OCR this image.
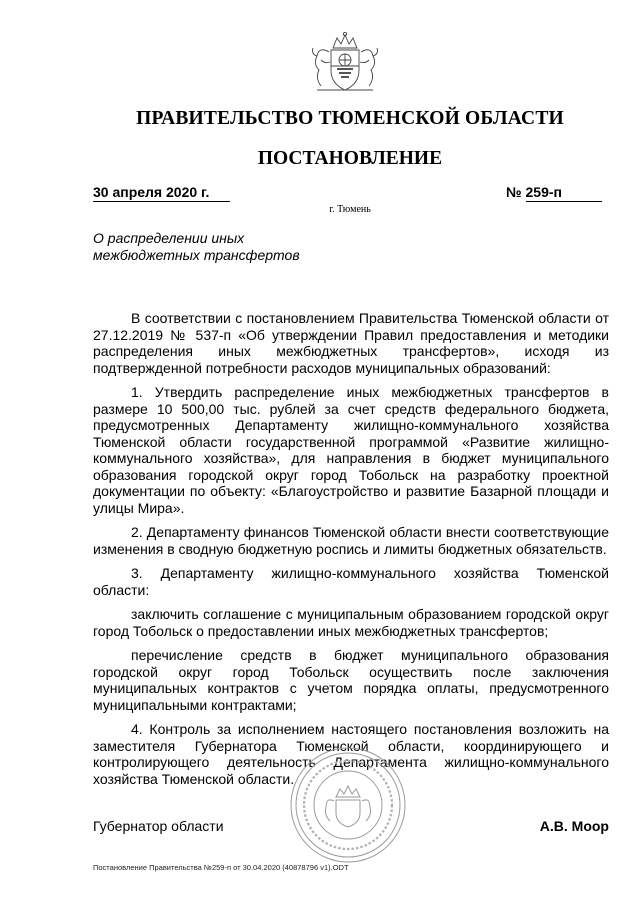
ПРАВИТЕЛЬСТВО ТЮМЕНСКОЙ ОБЛАСТИ
ПОСТАНОВЛЕНИЕ
30 апреля 2020 г.	№ 259-п
г. Тюмень
О распределении иных
межбюджетных трансфертов

В соответствии с постановлением Правительства Тюменской области от 27.12.2019 № 537-п «Об утверждении Правил предоставления и методики распределения иных межбюджетных трансфертов», исходя из подтвержденной потребности расходов муниципальных образований:

1. Утвердить распределение иных межбюджетных трансфертов в размере 10 500,00 тыс. рублей за счет средств федерального бюджета, предусмотренных Департаменту жилищно-коммунального хозяйства Тюменской области государственной программой «Развитие жилищно-коммунального хозяйства», для направления в бюджет муниципального образования городской округ город Тобольск на разработку проектной документации по объекту: «Благоустройство и развитие Базарной площади и улицы Мира».

2. Департаменту финансов Тюменской области внести соответствующие изменения в сводную бюджетную роспись и лимиты бюджетных обязательств.

3. Департаменту жилищно-коммунального хозяйства Тюменской области:

заключить соглашение с муниципальным образованием городской округ город Тобольск о предоставлении иных межбюджетных трансфертов;

перечисление средств в бюджет муниципального образования городской округ город Тобольск осуществить после заключения муниципальных контрактов с учетом порядка оплаты, предусмотренного муниципальными контрактами;

4. Контроль за исполнением настоящего постановления возложить на заместителя Губернатора Тюменской области, координирующего и контролирующего деятельность Департамента жилищно-коммунального хозяйства Тюменской области.

Губернатор области	А.В. Моор
Постановление Правительства №259-п от 30.04.2020 (40878796 v1).ODT
